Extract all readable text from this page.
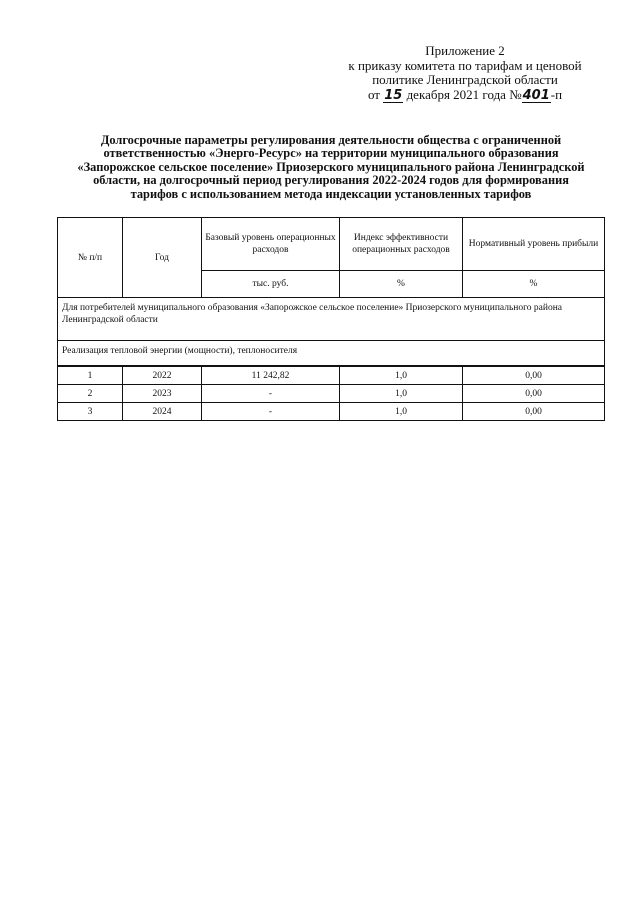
Приложение 2
к приказу комитета по тарифам и ценовой
политике Ленинградской области
от 15 декабря 2021 года №401-п
Долгосрочные параметры регулирования деятельности общества с ограниченной
ответственностью «Энерго-Ресурс» на территории муниципального образования
«Запорожское сельское поселение» Приозерского муниципального района Ленинградской
области, на долгосрочный период регулирования 2022-2024 годов для формирования
тарифов с использованием метода индексации установленных тарифов
№ п/п	Год	Базовый уровень операционных расходов	Индекс эффективности операционных расходов	Нормативный уровень прибыли
		тыс. руб.	%	%
Для потребителей муниципального образования «Запорожское сельское поселение» Приозерского муниципального района Ленинградской области				
Реализация тепловой энергии (мощности), теплоносителя				
1	2022	11 242,82	1,0	0,00
2	2023	-	1,0	0,00
3	2024	-	1,0	0,00
